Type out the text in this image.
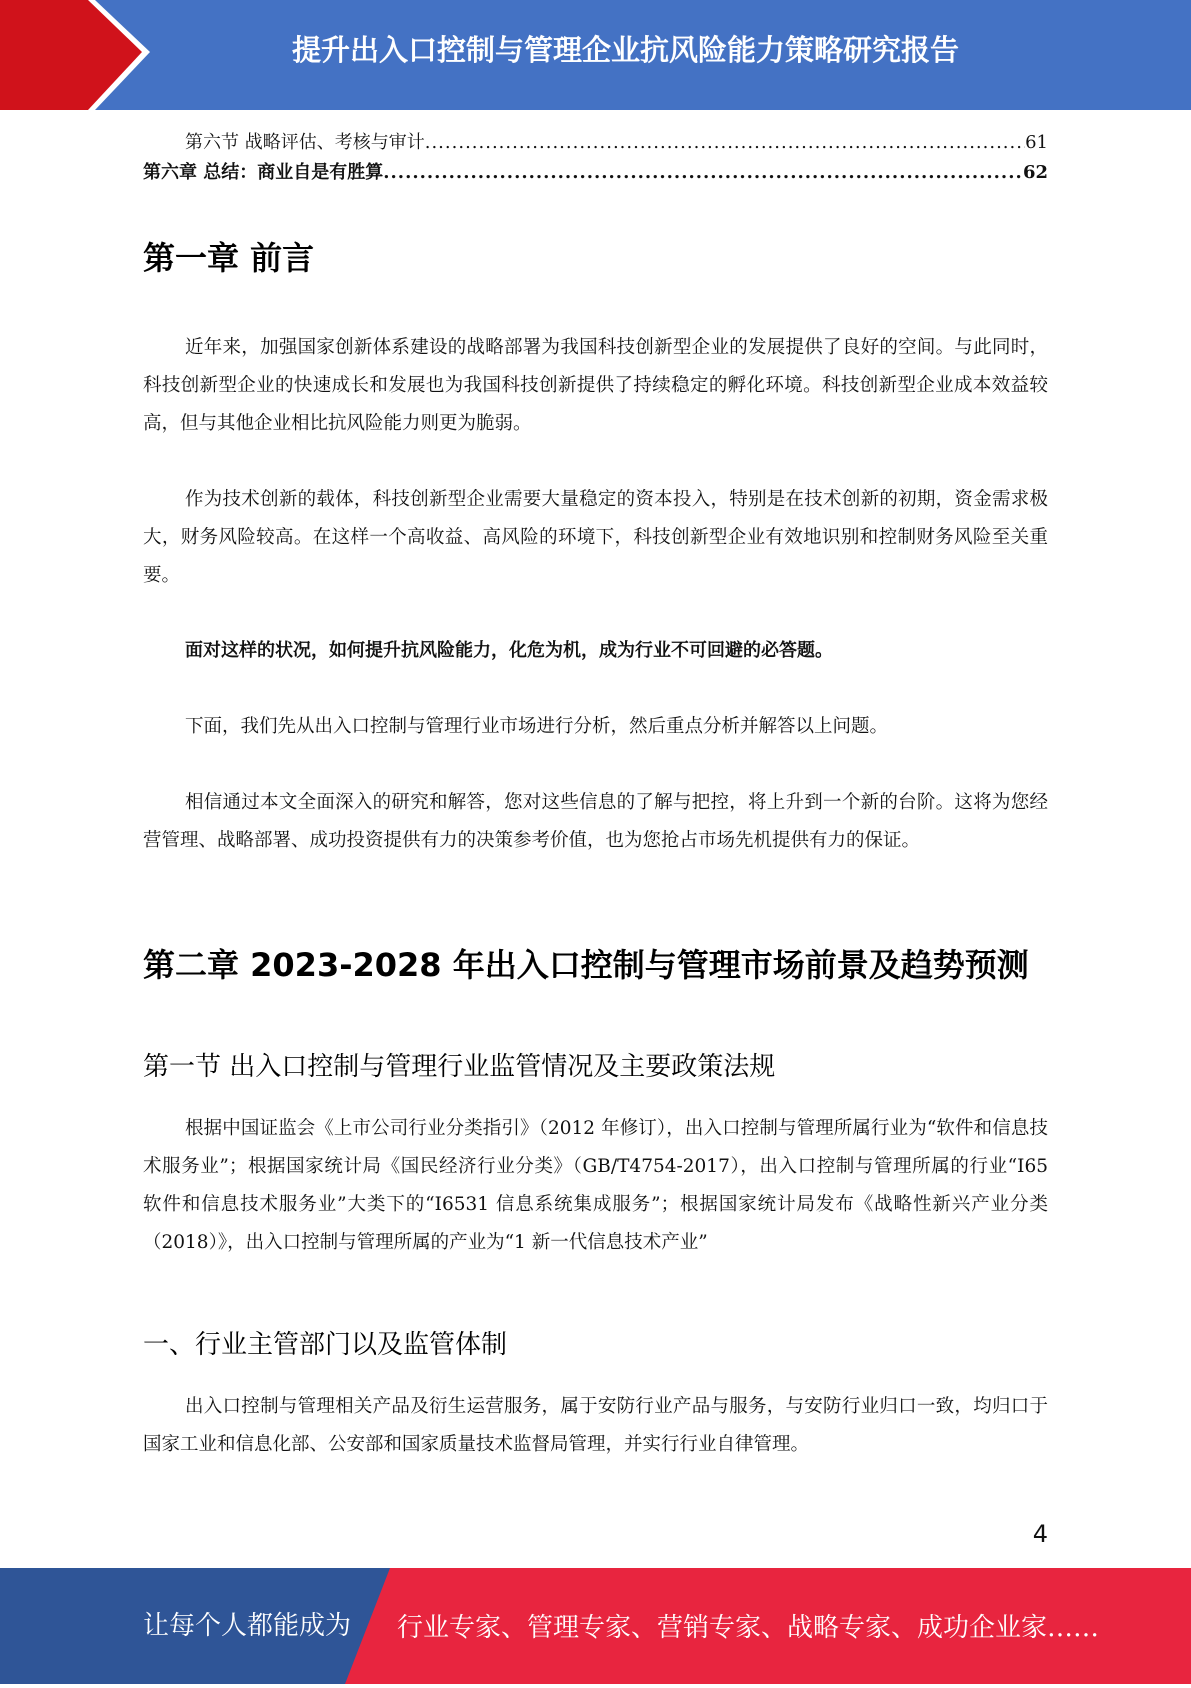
提升出入口控制与管理企业抗风险能力策略研究报告
第六节 战略评估、考核与审计 .....	61
第六章 总结：商业自是有胜算 .....	62
第一章 前言

近年来，加强国家创新体系建设的战略部署为我国科技创新型企业的发展提供了良好的空间。与此同时，科技创新型企业的快速成长和发展也为我国科技创新提供了持续稳定的孵化环境。科技创新型企业成本效益较高，但与其他企业相比抗风险能力则更为脆弱。

作为技术创新的载体，科技创新型企业需要大量稳定的资本投入，特别是在技术创新的初期，资金需求极大，财务风险较高。在这样一个高收益、高风险的环境下，科技创新型企业有效地识别和控制财务风险至关重要。

面对这样的状况，如何提升抗风险能力，化危为机，成为行业不可回避的必答题。

下面，我们先从出入口控制与管理行业市场进行分析，然后重点分析并解答以上问题。

相信通过本文全面深入的研究和解答，您对这些信息的了解与把控，将上升到一个新的台阶。这将为您经营管理、战略部署、成功投资提供有力的决策参考价值，也为您抢占市场先机提供有力的保证。

第二章 2023-2028 年出入口控制与管理市场前景及趋势预测
第一节 出入口控制与管理行业监管情况及主要政策法规

根据中国证监会《上市公司行业分类指引》（2012 年修订），出入口控制与管理所属行业为“软件和信息技术服务业”；根据国家统计局《国民经济行业分类》（GB/T4754-2017），出入口控制与管理所属的行业“I65 软件和信息技术服务业”大类下的“I6531 信息系统集成服务”；根据国家统计局发布《战略性新兴产业分类（2018）》，出入口控制与管理所属的产业为“1 新一代信息技术产业”

一、行业主管部门以及监管体制

出入口控制与管理相关产品及衍生运营服务，属于安防行业产品与服务，与安防行业归口一致，均归口于国家工业和信息化部、公安部和国家质量技术监督局管理，并实行行业自律管理。

4
让每个人都能成为 行业专家、管理专家、营销专家、战略专家、成功企业家……
